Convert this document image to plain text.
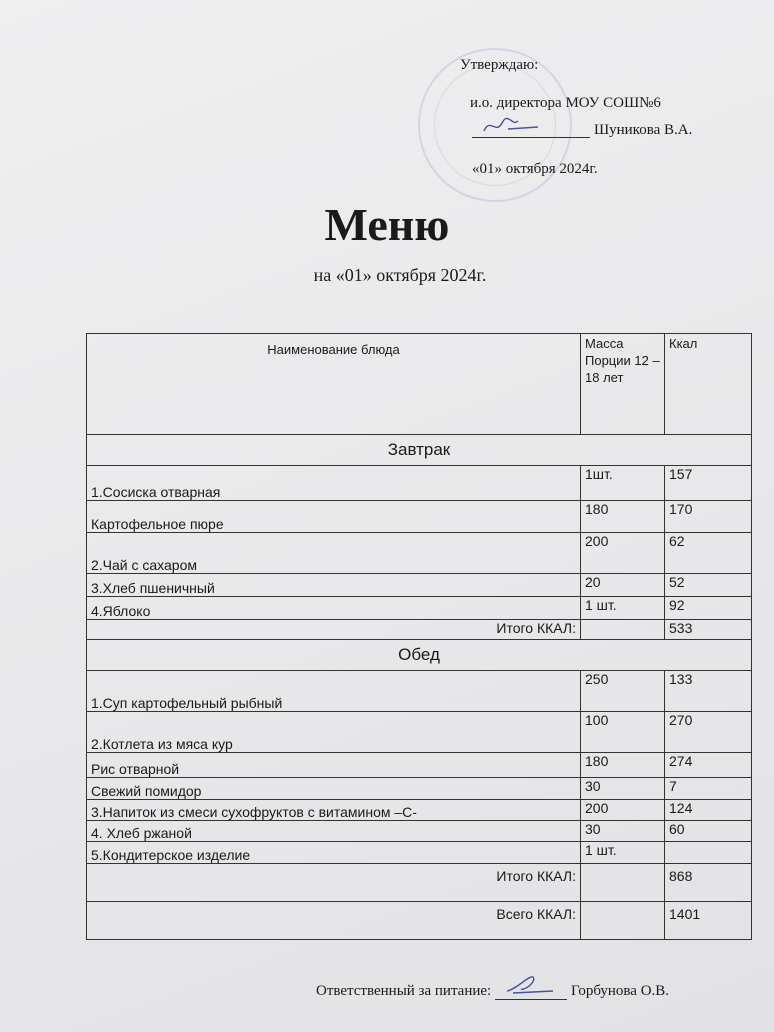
Утверждаю:
и.о. директора МОУ СОШ№6
Шуникова В.А.
«01» октября 2024г.
Меню
на «01» октября 2024г.
Наименование блюда	Масса Порции 12 – 18 лет	Ккал
Завтрак		
1.Сосиска отварная	1шт.	157
Картофельное пюре	180	170
2.Чай с сахаром	200	62
3.Хлеб пшеничный	20	52
4.Яблоко	1 шт.	92
Итого ККАЛ:		533
Обед		
1.Суп картофельный рыбный	250	133
2.Котлета из мяса кур	100	270
Рис отварной	180	274
Свежий помидор	30	7
3.Напиток из смеси сухофруктов с витамином –С-	200	124
4. Хлеб ржаной	30	60
5.Кондитерское изделие	1 шт.	
Итого ККАЛ:		868
Всего ККАЛ:		1401
Ответственный за питание:	Горбунова О.В.
